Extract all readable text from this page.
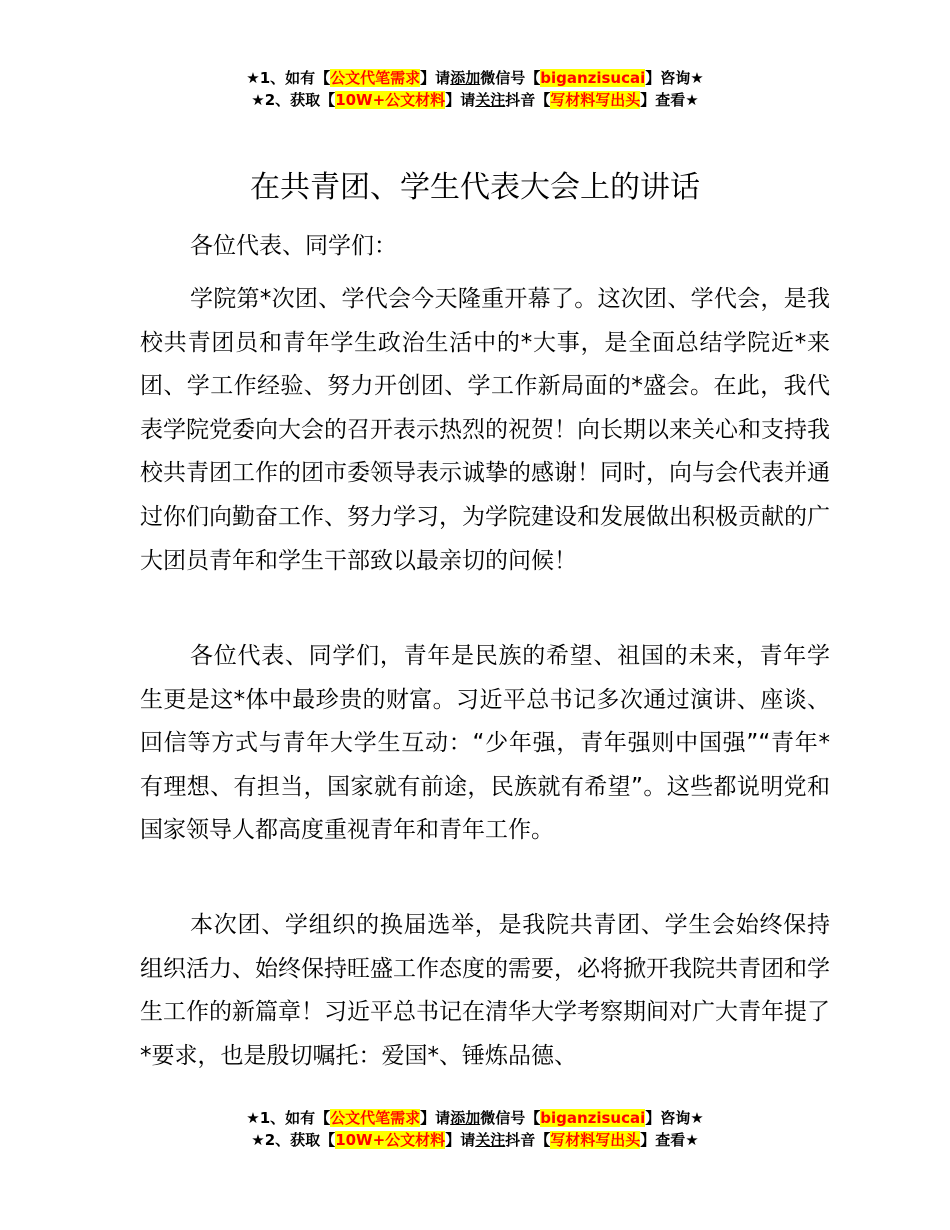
★1、如有【公文代笔需求】请添加微信号【biganzisucai】咨询★
★2、获取【10W+公文材料】请关注抖音【写材料写出头】查看★
在共青团、学生代表大会上的讲话
各位代表、同学们：

学院第*次团、学代会今天隆重开幕了。这次团、学代会，是我校共青团员和青年学生政治生活中的*大事，是全面总结学院近*来团、学工作经验、努力开创团、学工作新局面的*盛会。在此，我代表学院党委向大会的召开表示热烈的祝贺！向长期以来关心和支持我校共青团工作的团市委领导表示诚挚的感谢！同时，向与会代表并通过你们向勤奋工作、努力学习，为学院建设和发展做出积极贡献的广大团员青年和学生干部致以最亲切的问候！

各位代表、同学们，青年是民族的希望、祖国的未来，青年学生更是这*体中最珍贵的财富。习近平总书记多次通过演讲、座谈、回信等方式与青年大学生互动：“少年强，青年强则中国强”“青年*有理想、有担当，国家就有前途，民族就有希望”。这些都说明党和国家领导人都高度重视青年和青年工作。

本次团、学组织的换届选举，是我院共青团、学生会始终保持组织活力、始终保持旺盛工作态度的需要，必将掀开我院共青团和学生工作的新篇章！习近平总书记在清华大学考察期间对广大青年提了*要求，也是殷切嘱托：爱国*、锤炼品德、

★1、如有【公文代笔需求】请添加微信号【biganzisucai】咨询★
★2、获取【10W+公文材料】请关注抖音【写材料写出头】查看★
